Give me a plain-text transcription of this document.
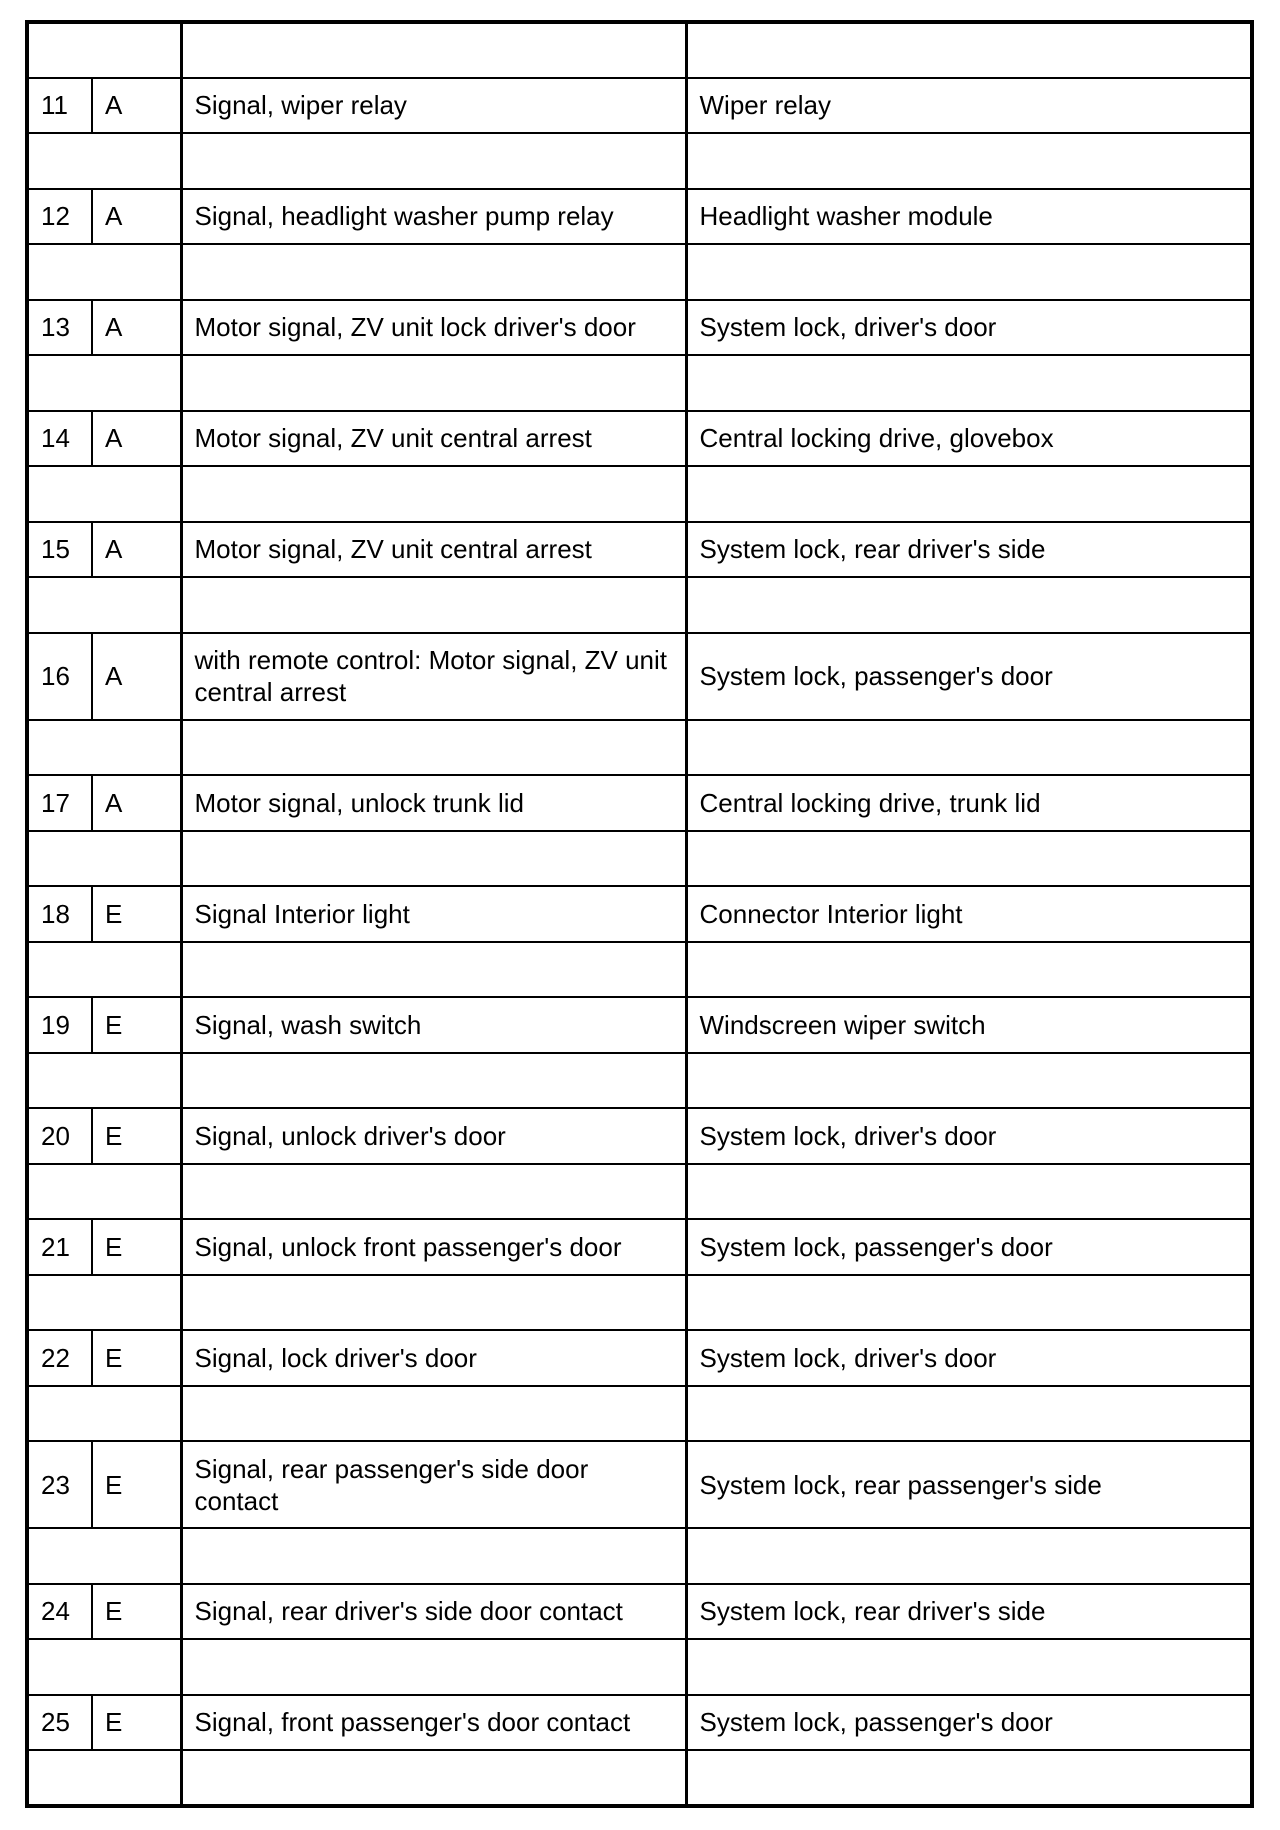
11	A	Signal, wiper relay	Wiper relay

12	A	Signal, headlight washer pump relay	Headlight washer module

13	A	Motor signal, ZV unit lock driver's door	System lock, driver's door

14	A	Motor signal, ZV unit central arrest	Central locking drive, glovebox

15	A	Motor signal, ZV unit central arrest	System lock, rear driver's side

16	A	with remote control: Motor signal, ZV unit central arrest	System lock, passenger's door

17	A	Motor signal, unlock trunk lid	Central locking drive, trunk lid

18	E	Signal Interior light	Connector Interior light

19	E	Signal, wash switch	Windscreen wiper switch

20	E	Signal, unlock driver's door	System lock, driver's door

21	E	Signal, unlock front passenger's door	System lock, passenger's door

22	E	Signal, lock driver's door	System lock, driver's door

23	E	Signal, rear passenger's side door contact	System lock, rear passenger's side

24	E	Signal, rear driver's side door contact	System lock, rear driver's side

25	E	Signal, front passenger's door contact	System lock, passenger's door
